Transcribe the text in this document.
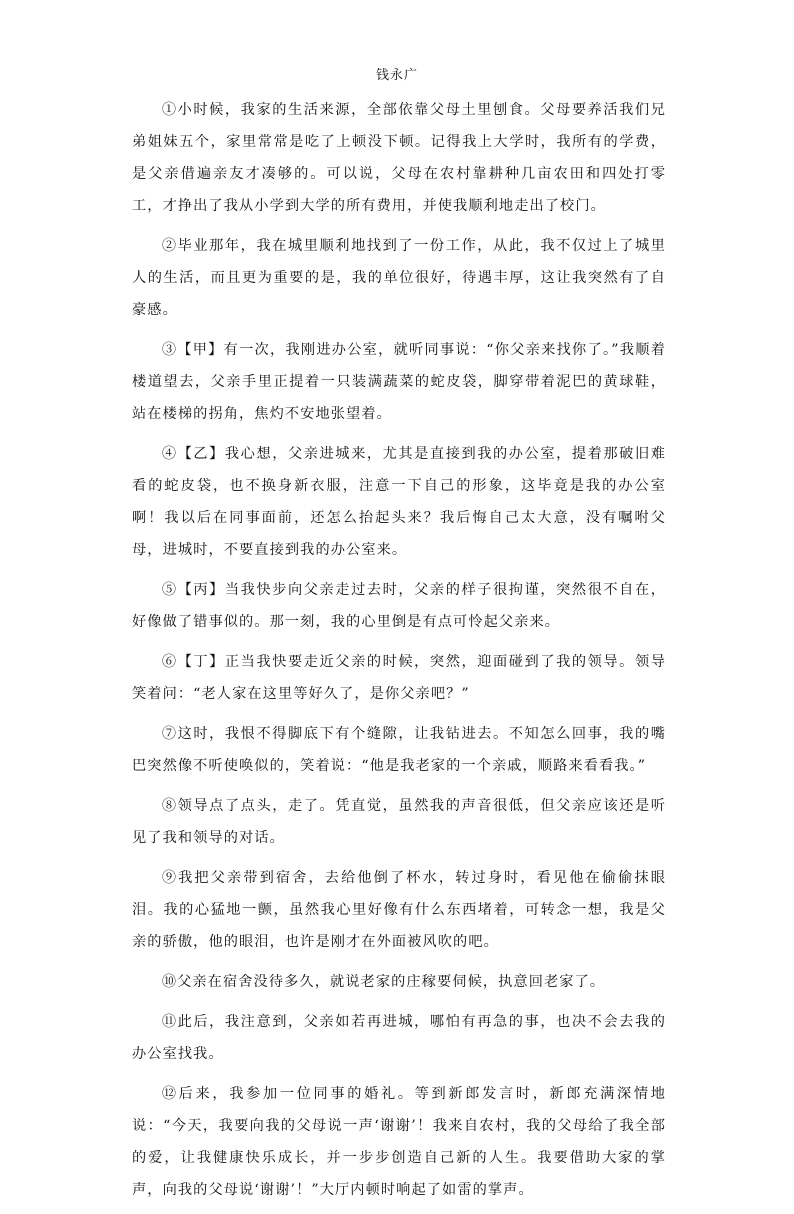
钱永广

①小时候，我家的生活来源，全部依靠父母土里刨食。父母要养活我们兄弟姐妹五个，家里常常是吃了上顿没下顿。记得我上大学时，我所有的学费，是父亲借遍亲友才凑够的。可以说，父母在农村靠耕种几亩农田和四处打零工，才挣出了我从小学到大学的所有费用，并使我顺利地走出了校门。

②毕业那年，我在城里顺利地找到了一份工作，从此，我不仅过上了城里人的生活，而且更为重要的是，我的单位很好，待遇丰厚，这让我突然有了自豪感。

③【甲】有一次，我刚进办公室，就听同事说：“你父亲来找你了。”我顺着楼道望去，父亲手里正提着一只装满蔬菜的蛇皮袋，脚穿带着泥巴的黄球鞋，站在楼梯的拐角，焦灼不安地张望着。

④【乙】我心想，父亲进城来，尤其是直接到我的办公室，提着那破旧难看的蛇皮袋，也不换身新衣服，注意一下自己的形象，这毕竟是我的办公室啊！我以后在同事面前，还怎么抬起头来？我后悔自己太大意，没有嘱咐父母，进城时，不要直接到我的办公室来。

⑤【丙】当我快步向父亲走过去时，父亲的样子很拘谨，突然很不自在，好像做了错事似的。那一刻，我的心里倒是有点可怜起父亲来。

⑥【丁】正当我快要走近父亲的时候，突然，迎面碰到了我的领导。领导笑着问：“老人家在这里等好久了，是你父亲吧？”

⑦这时，我恨不得脚底下有个缝隙，让我钻进去。不知怎么回事，我的嘴巴突然像不听使唤似的，笑着说：“他是我老家的一个亲戚，顺路来看看我。”

⑧领导点了点头，走了。凭直觉，虽然我的声音很低，但父亲应该还是听见了我和领导的对话。

⑨我把父亲带到宿舍，去给他倒了杯水，转过身时，看见他在偷偷抹眼泪。我的心猛地一颤，虽然我心里好像有什么东西堵着，可转念一想，我是父亲的骄傲，他的眼泪，也许是刚才在外面被风吹的吧。

⑩父亲在宿舍没待多久，就说老家的庄稼要伺候，执意回老家了。

⑪此后，我注意到，父亲如若再进城，哪怕有再急的事，也决不会去我的办公室找我。

⑫后来，我参加一位同事的婚礼。等到新郎发言时，新郎充满深情地说：“今天，我要向我的父母说一声‘谢谢’！我来自农村，我的父母给了我全部的爱，让我健康快乐成长，并一步步创造自己新的人生。我要借助大家的掌声，向我的父母说‘谢谢’！”大厅内顿时响起了如雷的掌声。
